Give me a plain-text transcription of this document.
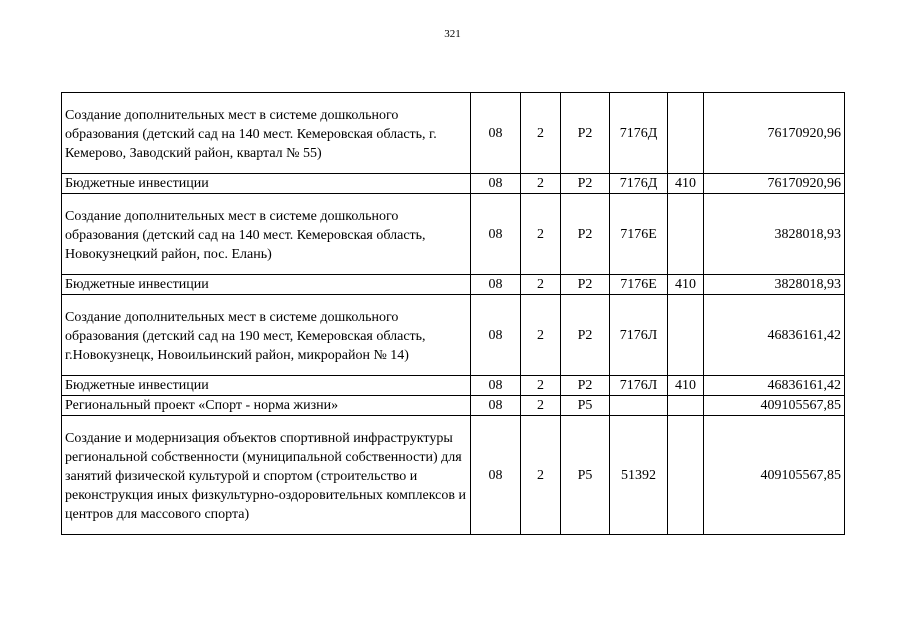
321
Создание дополнительных мест в системе дошкольного образования (детский сад на 140 мест. Кемеровская область, г. Кемерово, Заводский район, квартал № 55)	08	2	P2	7176Д		76170920,96
Бюджетные инвестиции	08	2	P2	7176Д	410	76170920,96
Создание дополнительных мест в системе дошкольного образования (детский сад на 140 мест. Кемеровская область, Новокузнецкий район, пос. Елань)	08	2	P2	7176E		3828018,93
Бюджетные инвестиции	08	2	P2	7176E	410	3828018,93
Создание дополнительных мест в системе дошкольного образования (детский сад на 190 мест, Кемеровская область, г.Новокузнецк, Новоильинский район, микрорайон № 14)	08	2	P2	7176Л		46836161,42
Бюджетные инвестиции	08	2	P2	7176Л	410	46836161,42
Региональный проект «Спорт - норма жизни»	08	2	P5			409105567,85
Создание и модернизация объектов спортивной инфраструктуры региональной собственности (муниципальной собственности) для занятий физической культурой и спортом (строительство и реконструкция иных физкультурно-оздоровительных комплексов и центров для массового спорта)	08	2	P5	51392		409105567,85
